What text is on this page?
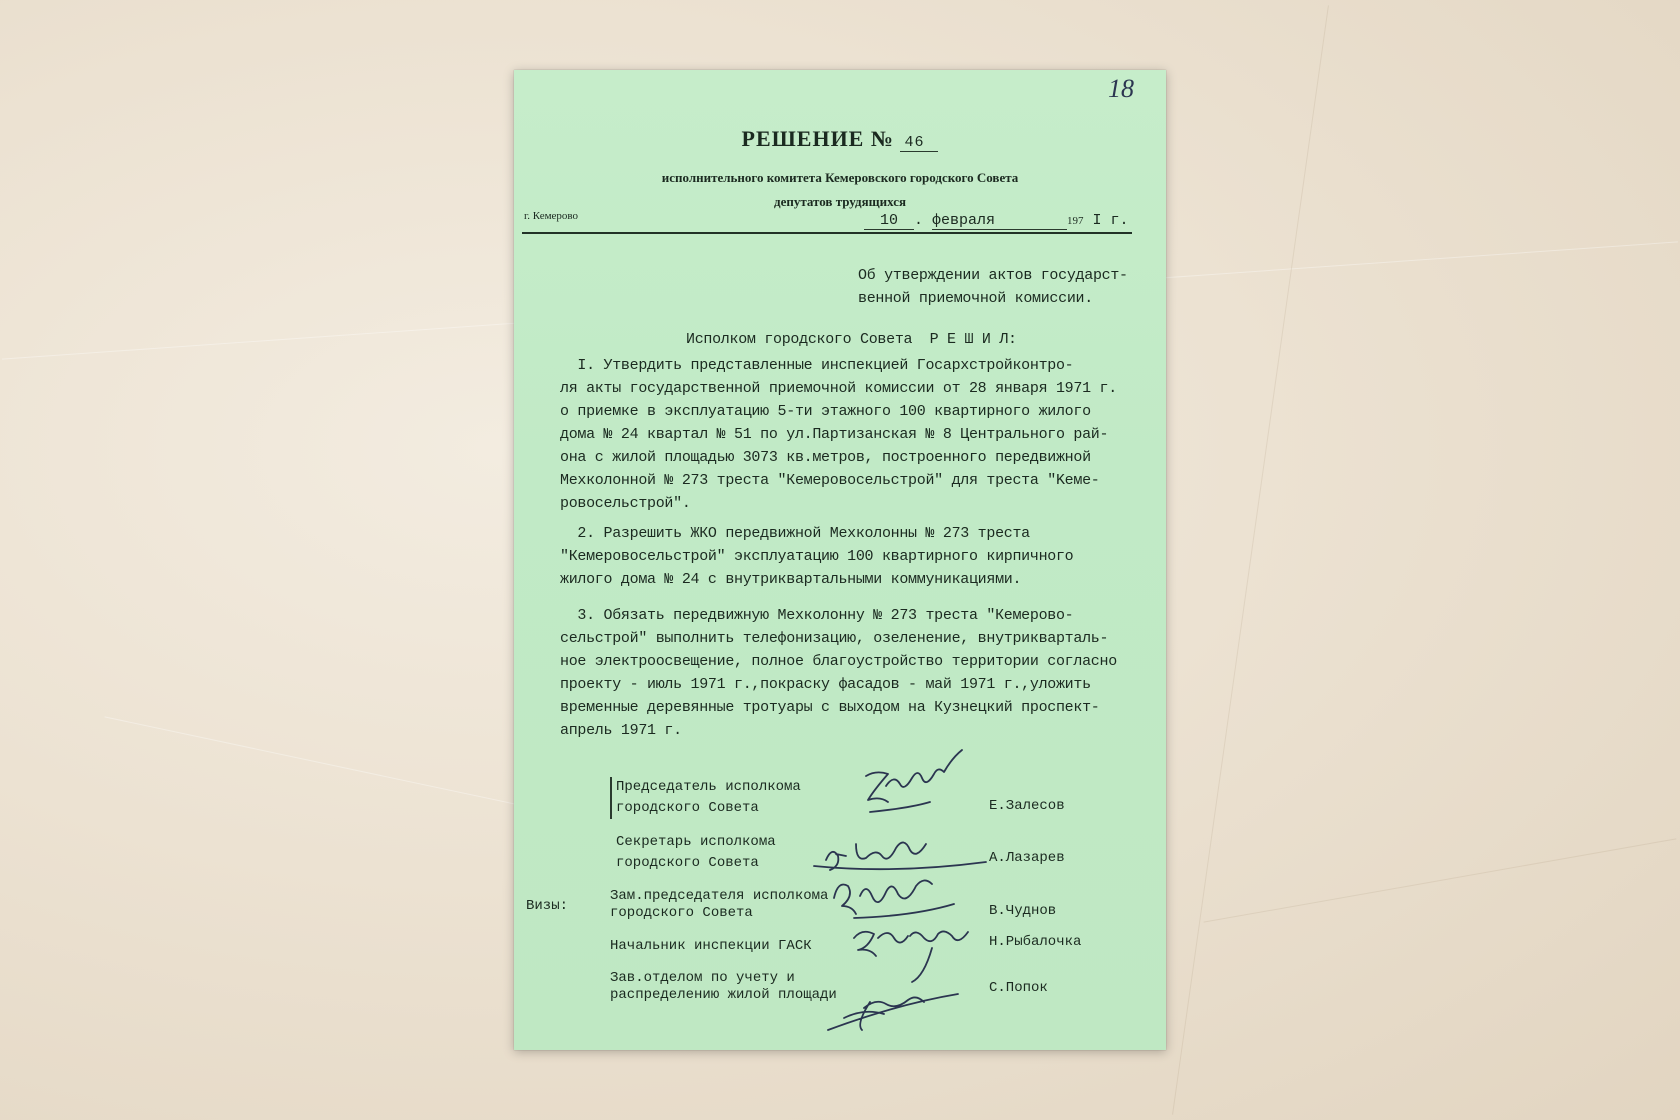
18
РЕШЕНИЕ № 46
исполнительного комитета Кемеровского городского Совета
депутатов трудящихся
г. Кемерово	10 . февраля	197 I г.
Об утверждении актов государст-
венной приемочной комиссии.
Исполком городского Совета  Р Е Ш И Л:
I. Утвердить представленные инспекцией Госархстройконтро-
ля акты государственной приемочной комиссии от 28 января 1971 г.
о приемке в эксплуатацию 5-ти этажного 100 квартирного жилого
дома № 24 квартал № 51 по ул.Партизанская № 8 Центрального рай-
она с жилой площадью 3073 кв.метров, построенного передвижной
Мехколонной № 273 треста "Кемеровосельстрой" для треста "Keме-
ровосельстрой".
2. Разрешить ЖКО передвижной Мехколонны № 273 треста
"Кемеровосельстрой" эксплуатацию 100 квартирного кирпичного
жилого дома № 24 с внутриквартальными коммуникациями.
3. Обязать передвижную Мехколонну № 273 треста "Кемерово-
сельстрой" выполнить телефонизацию, озеленение, внутрикварталь-
ное электроосвещение, полное благоустройство территории согласно
проекту - июль 1971 г.,покраску фасадов - май 1971 г.,уложить
временные деревянные тротуары с выходом на Кузнецкий проспект-
апрель 1971 г.
Председатель исполкома
городского Совета
Секретарь исполкома
городского Совета
Визы:
Зам.председателя исполкома
городского Совета
Начальник инспекции ГАСК
Зав.отделом по учету и
распределению жилой площади
Е.Залесов
А.Лазарев
В.Чуднов
Н.Рыбалочка
С.Попок
